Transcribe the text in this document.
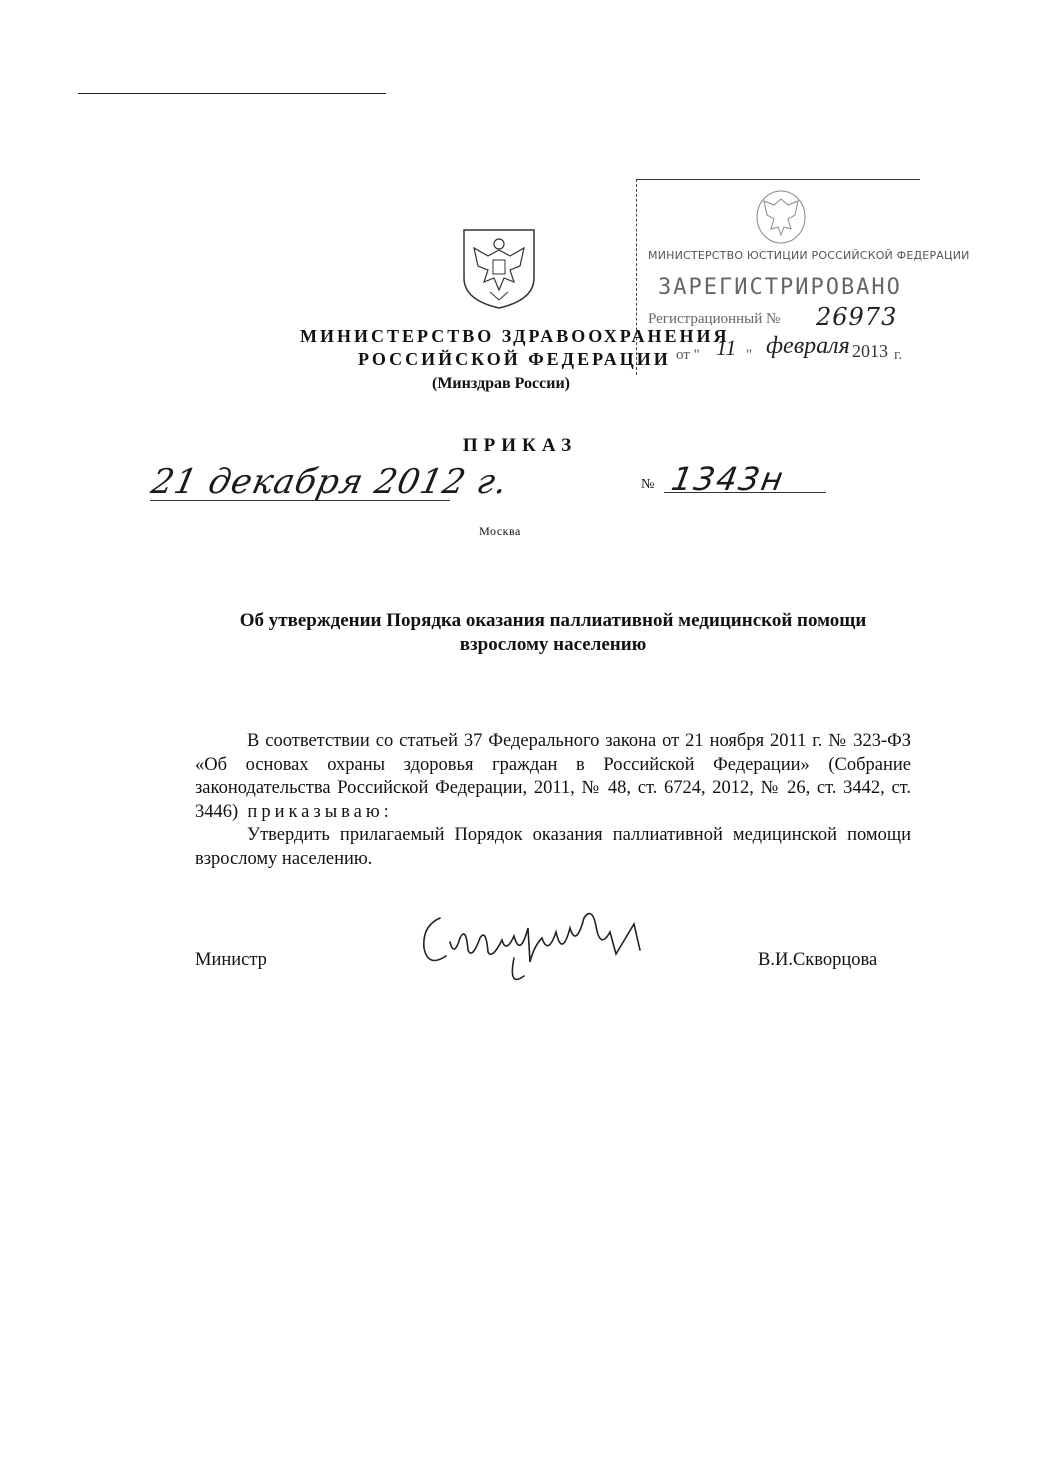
МИНИСТЕРСТВО ЮСТИЦИИ РОССИЙСКОЙ ФЕДЕРАЦИИ
ЗАРЕГИСТРИРОВАНО
Регистрационный №	26973
от " 11 " февраля 2013 г.
МИНИСТЕРСТВО ЗДРАВООХРАНЕНИЯ
РОССИЙСКОЙ ФЕДЕРАЦИИ
(Минздрав России)
ПРИКАЗ
21 декабря 2012 г.	№ 1343н
Москва
Об утверждении Порядка оказания паллиативной медицинской помощи
взрослому населению

В соответствии со статьей 37 Федерального закона от 21 ноября 2011 г. № 323-ФЗ «Об основах охраны здоровья граждан в Российской Федерации» (Собрание законодательства Российской Федерации, 2011, № 48, ст. 6724, 2012, № 26, ст. 3442, ст. 3446) приказываю:

Утвердить прилагаемый Порядок оказания паллиативной медицинской помощи взрослому населению.

Министр	В.И.Скворцова
